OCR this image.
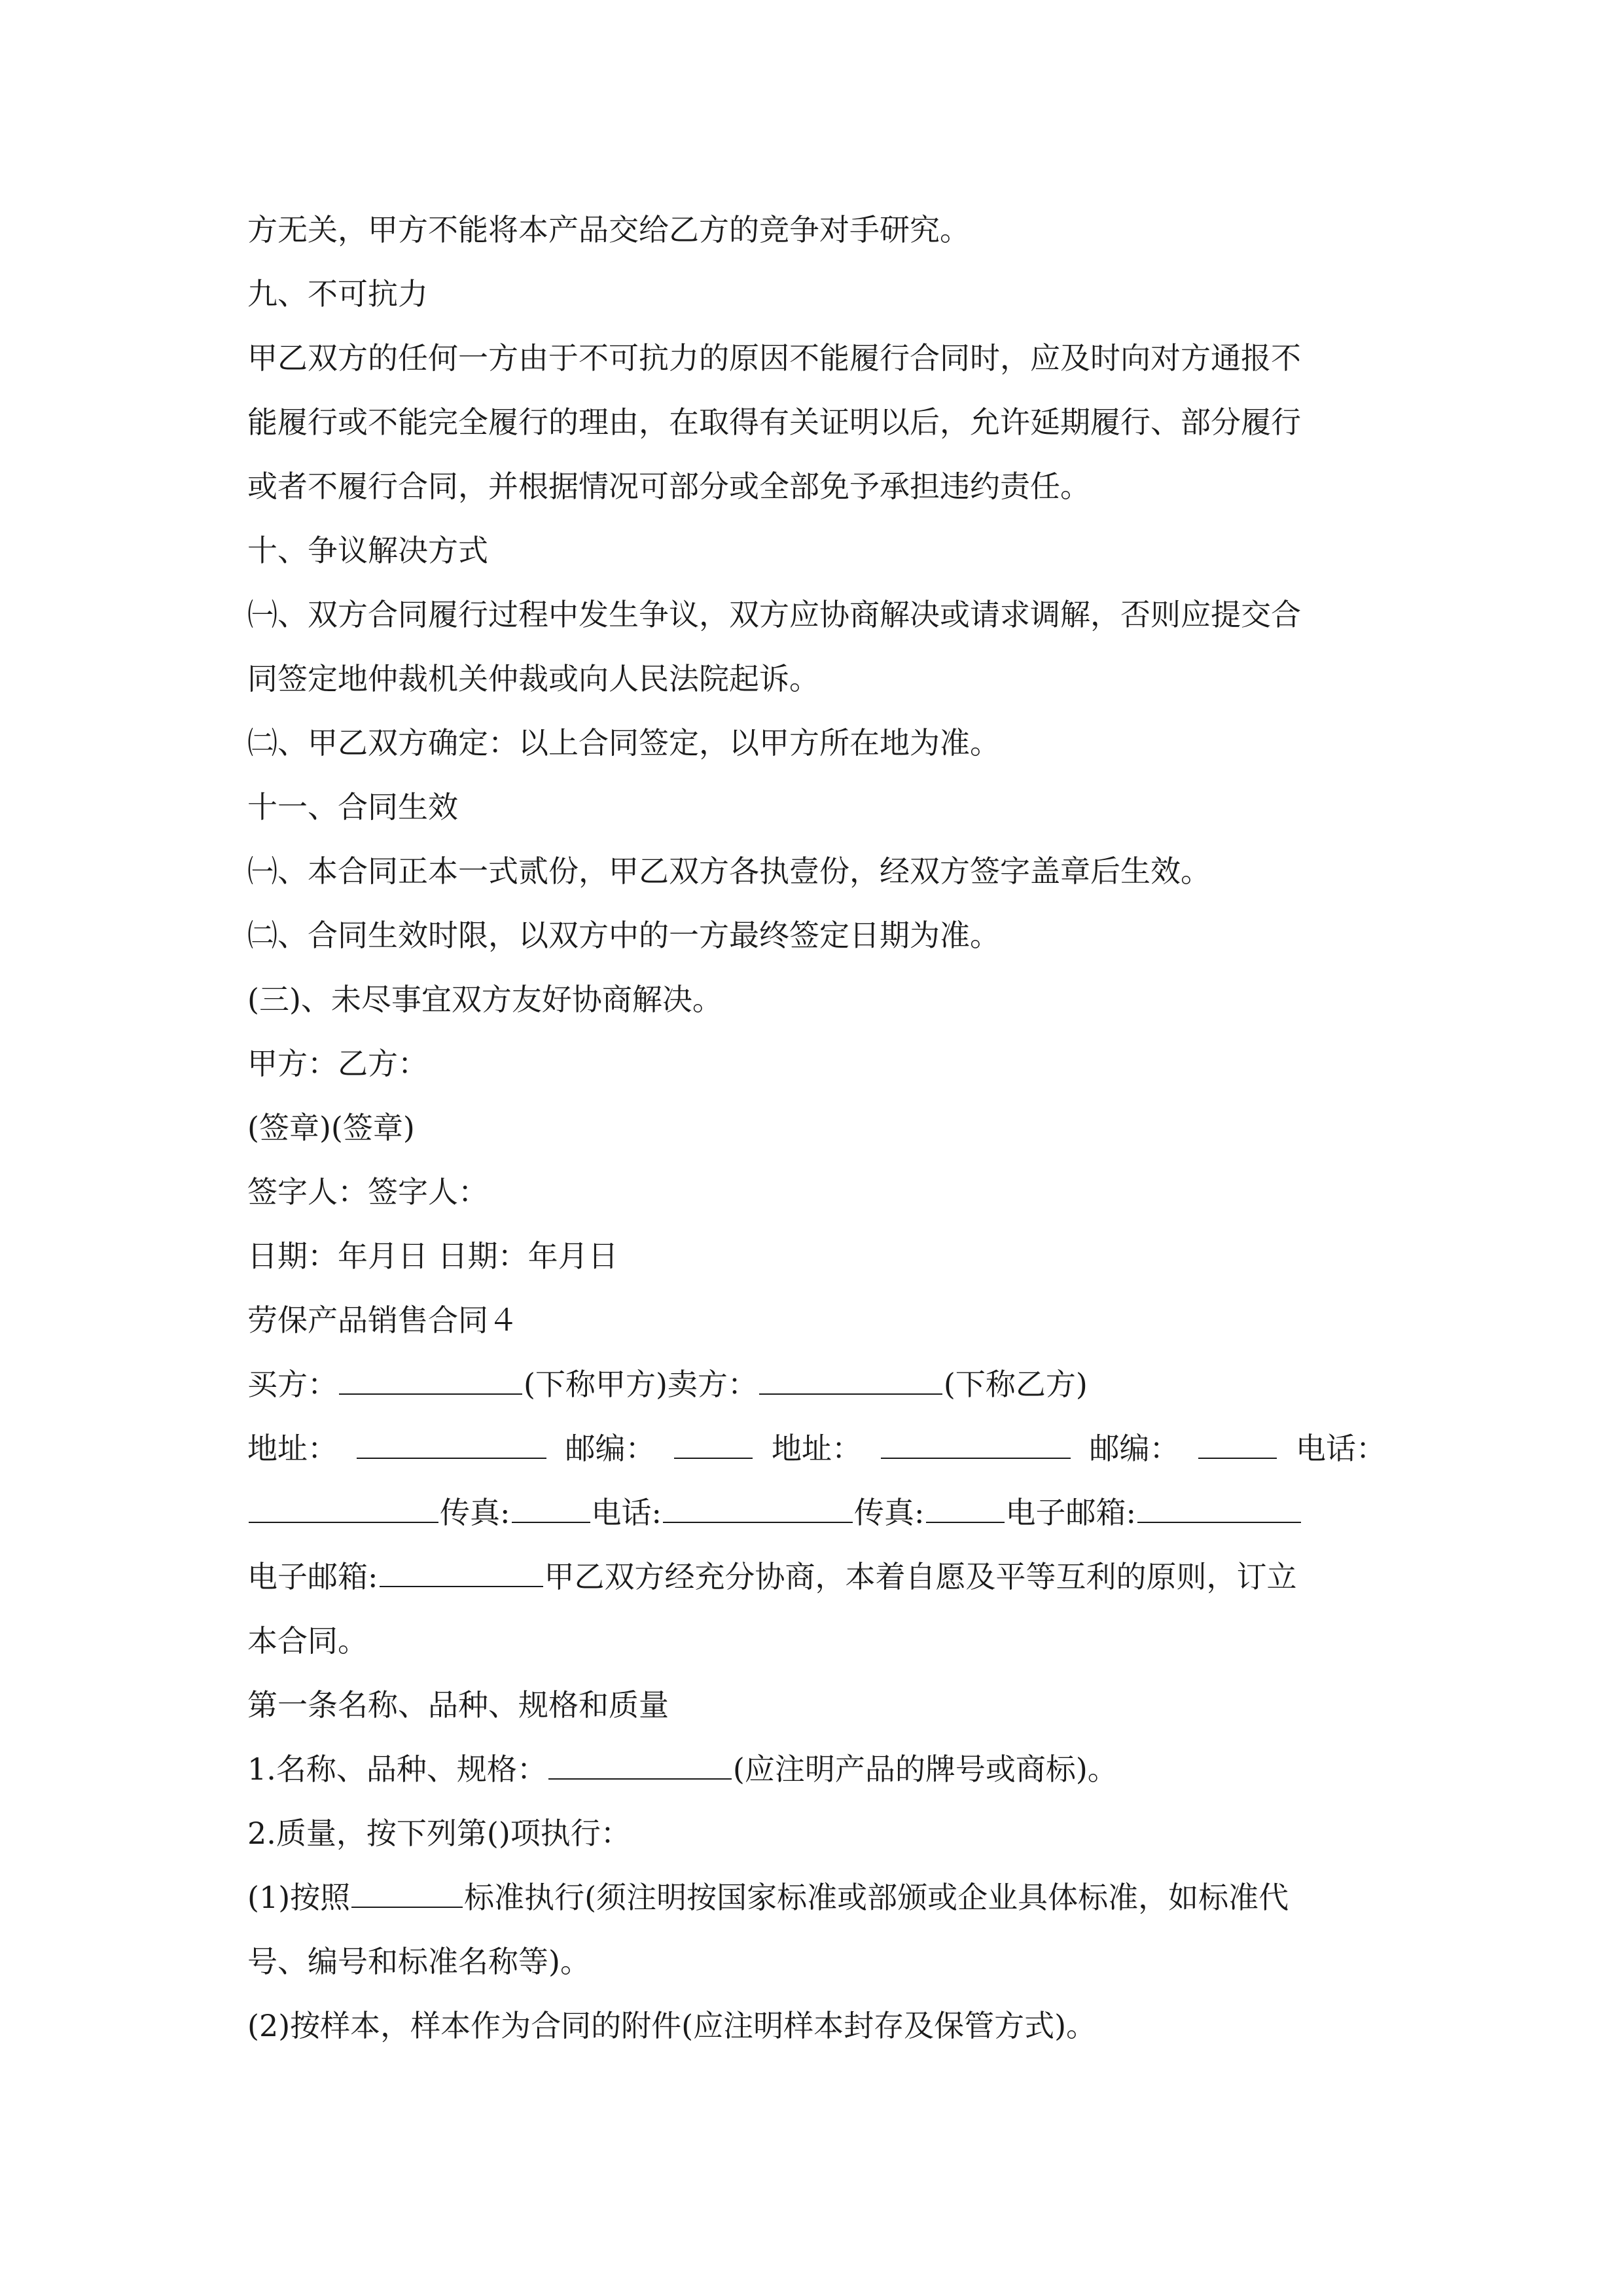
方无关，甲方不能将本产品交给乙方的竞争对手研究。
九、不可抗力
甲乙双方的任何一方由于不可抗力的原因不能履行合同时，应及时向对方通报不
能履行或不能完全履行的理由，在取得有关证明以后，允许延期履行、部分履行
或者不履行合同，并根据情况可部分或全部免予承担违约责任。
十、争议解决方式
㈠、双方合同履行过程中发生争议，双方应协商解决或请求调解，否则应提交合
同签定地仲裁机关仲裁或向人民法院起诉。
㈡、甲乙双方确定：以上合同签定，以甲方所在地为准。
十一、合同生效
㈠、本合同正本一式贰份，甲乙双方各执壹份，经双方签字盖章后生效。
㈡、合同生效时限，以双方中的一方最终签定日期为准。
(三)、未尽事宜双方友好协商解决。
甲方：乙方：
(签章)(签章)
签字人：签字人：
日期：年月日 日期：年月日
劳保产品销售合同４
买方：	(下称甲方)卖方：	(下称乙方)
地址：	邮编：	地址：	邮编：	电话：
传真:	电话:	传真:	电子邮箱:
电子邮箱:	甲乙双方经充分协商，本着自愿及平等互利的原则，订立
本合同。
第一条名称、品种、规格和质量
1.名称、品种、规格：	(应注明产品的牌号或商标)。
2.质量，按下列第()项执行：
(1)按照	标准执行(须注明按国家标准或部颁或企业具体标准，如标准代
号、编号和标准名称等)。
(2)按样本，样本作为合同的附件(应注明样本封存及保管方式)。
